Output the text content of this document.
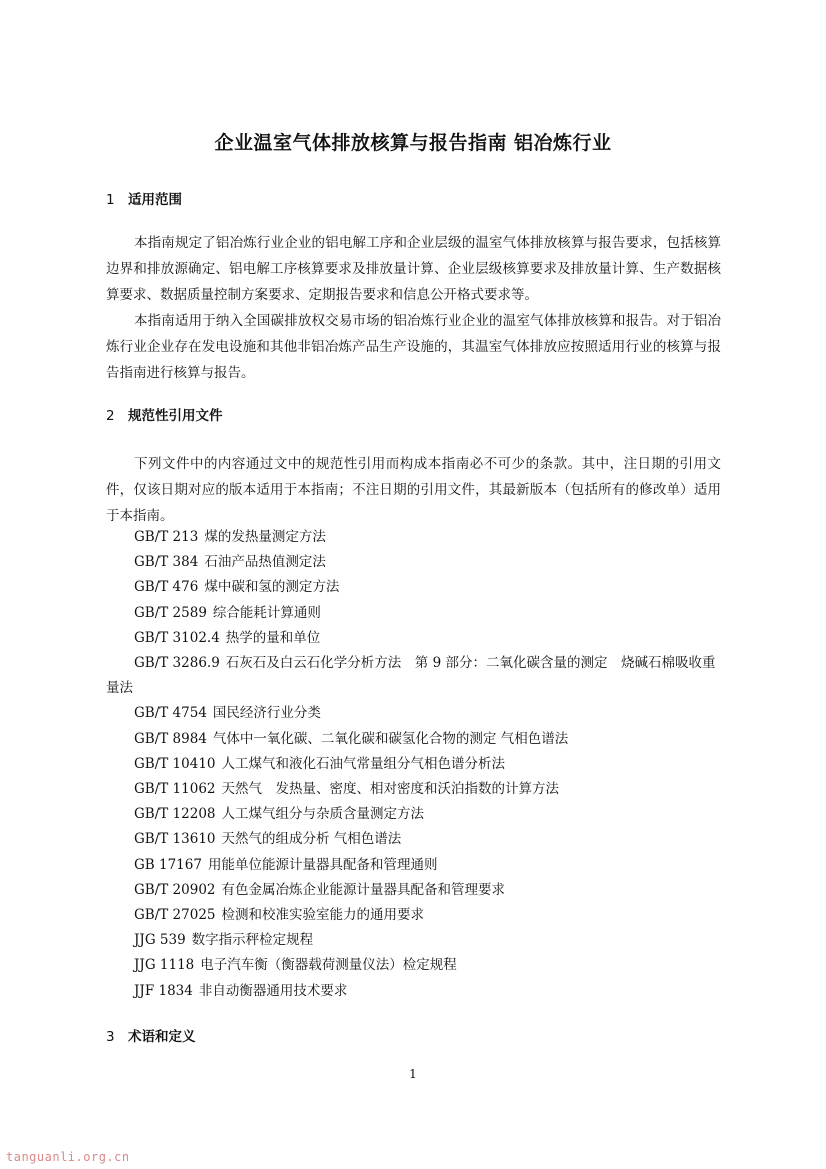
企业温室气体排放核算与报告指南 铝冶炼行业
1 适用范围
本指南规定了铝冶炼行业企业的铝电解工序和企业层级的温室气体排放核算与报告要求，包括核算边界和排放源确定、铝电解工序核算要求及排放量计算、企业层级核算要求及排放量计算、生产数据核算要求、数据质量控制方案要求、定期报告要求和信息公开格式要求等。
本指南适用于纳入全国碳排放权交易市场的铝冶炼行业企业的温室气体排放核算和报告。对于铝冶炼行业企业存在发电设施和其他非铝冶炼产品生产设施的，其温室气体排放应按照适用行业的核算与报告指南进行核算与报告。
2 规范性引用文件
下列文件中的内容通过文中的规范性引用而构成本指南必不可少的条款。其中，注日期的引用文件，仅该日期对应的版本适用于本指南；不注日期的引用文件，其最新版本（包括所有的修改单）适用于本指南。
GB/T 213 煤的发热量测定方法
GB/T 384 石油产品热值测定法
GB/T 476 煤中碳和氢的测定方法
GB/T 2589 综合能耗计算通则
GB/T 3102.4 热学的量和单位
GB/T 3286.9 石灰石及白云石化学分析方法　第 9 部分：二氧化碳含量的测定　烧碱石棉吸收重量法
GB/T 4754 国民经济行业分类
GB/T 8984 气体中一氧化碳、二氧化碳和碳氢化合物的测定 气相色谱法
GB/T 10410 人工煤气和液化石油气常量组分气相色谱分析法
GB/T 11062 天然气　发热量、密度、相对密度和沃泊指数的计算方法
GB/T 12208 人工煤气组分与杂质含量测定方法
GB/T 13610 天然气的组成分析 气相色谱法
GB 17167 用能单位能源计量器具配备和管理通则
GB/T 20902 有色金属冶炼企业能源计量器具配备和管理要求
GB/T 27025 检测和校准实验室能力的通用要求
JJG 539 数字指示秤检定规程
JJG 1118 电子汽车衡（衡器载荷测量仪法）检定规程
JJF 1834 非自动衡器通用技术要求
3 术语和定义
1
tanguanli.org.cn
